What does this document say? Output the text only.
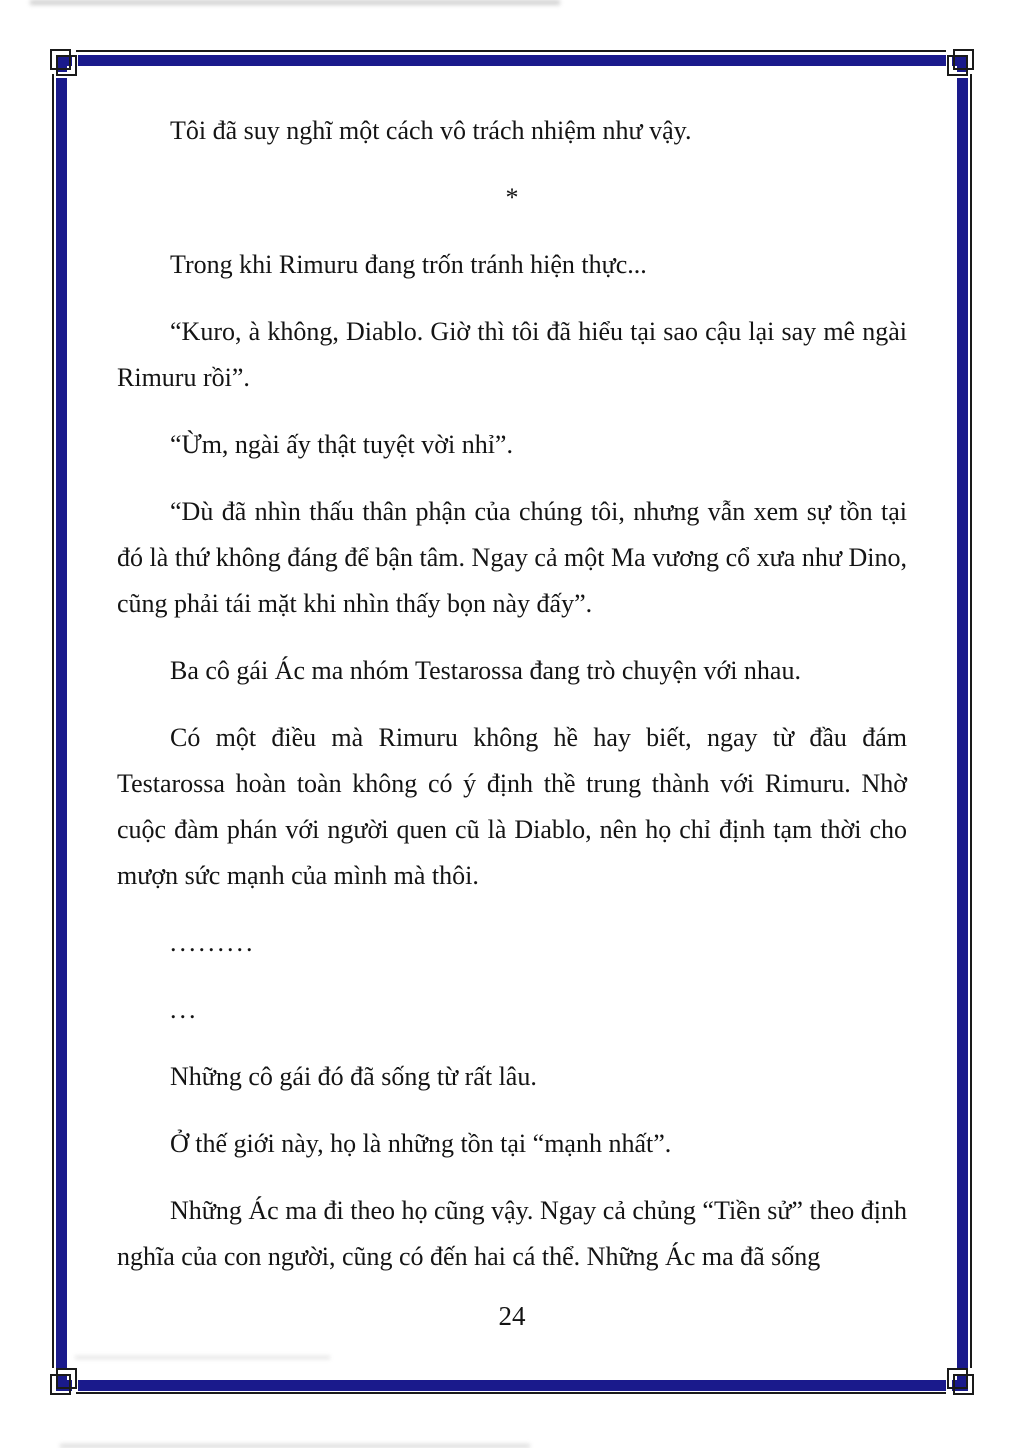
Tôi đã suy nghĩ một cách vô trách nhiệm như vậy.

*

Trong khi Rimuru đang trốn tránh hiện thực...

“Kuro, à không, Diablo. Giờ thì tôi đã hiểu tại sao cậu lại say mê ngài Rimuru rồi”.

“Ừm, ngài ấy thật tuyệt vời nhỉ”.

“Dù đã nhìn thấu thân phận của chúng tôi, nhưng vẫn xem sự tồn tại đó là thứ không đáng để bận tâm. Ngay cả một Ma vương cổ xưa như Dino, cũng phải tái mặt khi nhìn thấy bọn này đấy”.

Ba cô gái Ác ma nhóm Testarossa đang trò chuyện với nhau.

Có một điều mà Rimuru không hề hay biết, ngay từ đầu đám Testarossa hoàn toàn không có ý định thề trung thành với Rimuru. Nhờ cuộc đàm phán với người quen cũ là Diablo, nên họ chỉ định tạm thời cho mượn sức mạnh của mình mà thôi.

.........

...

Những cô gái đó đã sống từ rất lâu.

Ở thế giới này, họ là những tồn tại “mạnh nhất”.

Những Ác ma đi theo họ cũng vậy. Ngay cả chủng “Tiền sử” theo định nghĩa của con người, cũng có đến hai cá thể. Những Ác ma đã sống

24
